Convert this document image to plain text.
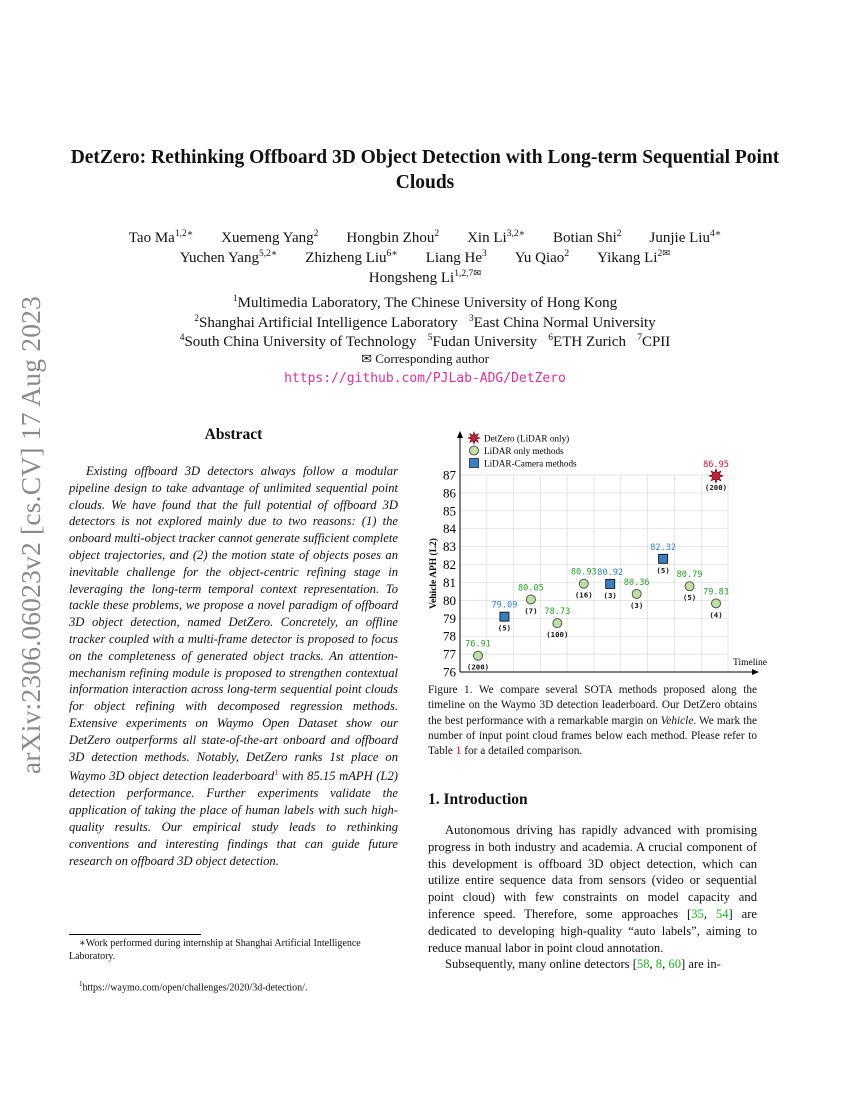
arXiv:2306.06023v2 [cs.CV] 17 Aug 2023
DetZero: Rethinking Offboard 3D Object Detection with Long-term Sequential Point Clouds
Tao $Ma^{1,2∗}$ Xuemeng Yang$^2$ Hongbin Zhou$^2$ Xin $Li^{3,2∗}$ Botian Shi$^2$ Junjie Liu$^{4∗}$
Yuchen Yang$^{5,2∗}$ Zhizheng Liu$^{6∗}$ Liang He$^3$ Yu Qiao$^2$ Yikang $Li^{2✉}$
Hongsheng $Li^{1,2,7✉}$
$^1$Multimedia Laboratory, The Chinese University of Hong Kong
$^2$Shanghai Artificial Intelligence Laboratory $^3$East China Normal University
$^4$South China University of Technology $^5$Fudan University $^6$ETH Zurich $^7$CPII
✉ Corresponding author
https://github.com/PJLab-ADG/DetZero
Abstract

Existing offboard 3D detectors always follow a modular pipeline design to take advantage of unlimited sequential point clouds. We have found that the full potential of offboard 3D detectors is not explored mainly due to two reasons: (1) the onboard multi-object tracker cannot generate sufficient complete object trajectories, and (2) the motion state of objects poses an inevitable challenge for the object-centric refining stage in leveraging the long-term temporal context representation. To tackle these problems, we propose a novel paradigm of offboard 3D object detection, named DetZero. Concretely, an offline tracker coupled with a multi-frame detector is proposed to focus on the completeness of generated object tracks. An attention-mechanism refining module is proposed to strengthen contextual information interaction across long-term sequential point clouds for object refining with decomposed regression methods. Extensive experiments on Waymo Open Dataset show our DetZero outperforms all state-of-the-art onboard and offboard 3D detection methods. Notably, DetZero ranks 1st place on Waymo 3D object detection leaderboard$^1$ with 85.15 mAPH (L2) detection performance. Further experiments validate the application of taking the place of human labels with such high-quality results. Our empirical study leads to rethinking conventions and interesting findings that can guide future research on offboard 3D object detection.

∗Work performed during internship at Shanghai Artificial Intelligence Laboratory.
$^1$https://waymo.com/open/challenges/2020/3d-detection/.
76
77
78
79
80
81
82
83
84
85
86
87
Timeline
Vehicle APH (L2)
DetZero (LiDAR only)
LiDAR only methods
LiDAR-Camera methods	86.95
(200)
76.91
(200)
80.05
(7) 78.73
(100)
80.93
(16)
80.36
(3)
80.79
(5)
79.83
(4)
79.09
(5)
80.92
(3)
82.32
(5)
Figure 1. We compare several SOTA methods proposed along the timeline on the Waymo 3D detection leaderboard. Our DetZero obtains the best performance with a remarkable margin on Vehicle. We mark the number of input point cloud frames below each method. Please refer to Table 1 for a detailed comparison.
1. Introduction

Autonomous driving has rapidly advanced with promising progress in both industry and academia. A crucial component of this development is offboard 3D object detection, which can utilize entire sequence data from sensors (video or sequential point cloud) with few constraints on model capacity and inference speed. Therefore, some approaches [35, 54] are dedicated to developing high-quality “auto labels”, aiming to reduce manual labor in point cloud annotation.

Subsequently, many online detectors [58, 8, 60] are in-
